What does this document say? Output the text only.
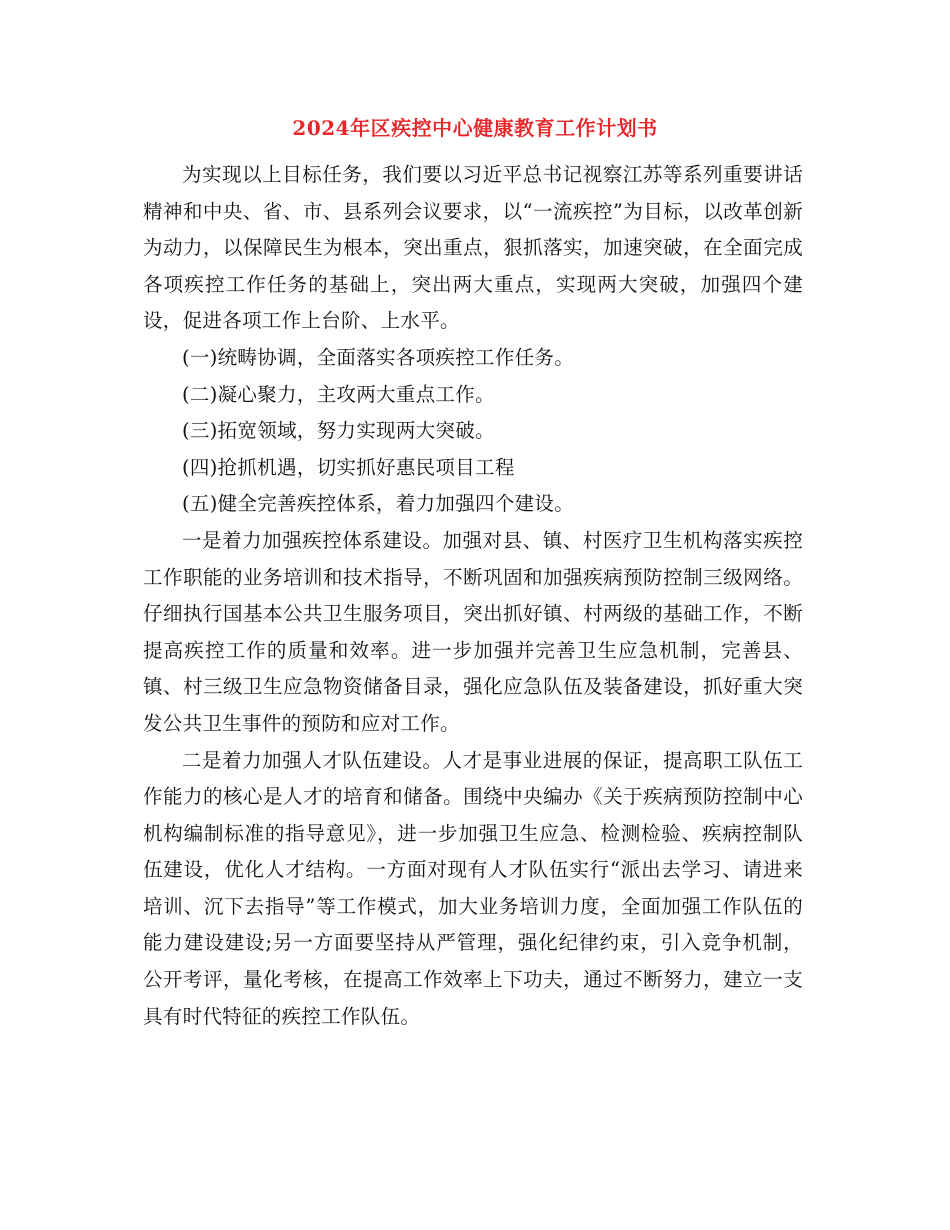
2024年区疾控中心健康教育工作计划书

为实现以上目标任务，我们要以习近平总书记视察江苏等系列重要讲话精神和中央、省、市、县系列会议要求，以“一流疾控”为目标，以改革创新为动力，以保障民生为根本，突出重点，狠抓落实，加速突破，在全面完成各项疾控工作任务的基础上，突出两大重点，实现两大突破，加强四个建设，促进各项工作上台阶、上水平。

(一)统畴协调，全面落实各项疾控工作任务。

(二)凝心聚力，主攻两大重点工作。

(三)拓宽领域，努力实现两大突破。

(四)抢抓机遇，切实抓好惠民项目工程

(五)健全完善疾控体系，着力加强四个建设。

一是着力加强疾控体系建设。加强对县、镇、村医疗卫生机构落实疾控工作职能的业务培训和技术指导，不断巩固和加强疾病预防控制三级网络。仔细执行国基本公共卫生服务项目，突出抓好镇、村两级的基础工作，不断提高疾控工作的质量和效率。进一步加强并完善卫生应急机制，完善县、镇、村三级卫生应急物资储备目录，强化应急队伍及装备建设，抓好重大突发公共卫生事件的预防和应对工作。

二是着力加强人才队伍建设。人才是事业进展的保证，提高职工队伍工作能力的核心是人才的培育和储备。围绕中央编办《关于疾病预防控制中心机构编制标准的指导意见》，进一步加强卫生应急、检测检验、疾病控制队伍建设，优化人才结构。一方面对现有人才队伍实行“派出去学习、请进来培训、沉下去指导”等工作模式，加大业务培训力度，全面加强工作队伍的能力建设建设;另一方面要坚持从严管理，强化纪律约束，引入竞争机制，公开考评，量化考核，在提高工作效率上下功夫，通过不断努力，建立一支具有时代特征的疾控工作队伍。
